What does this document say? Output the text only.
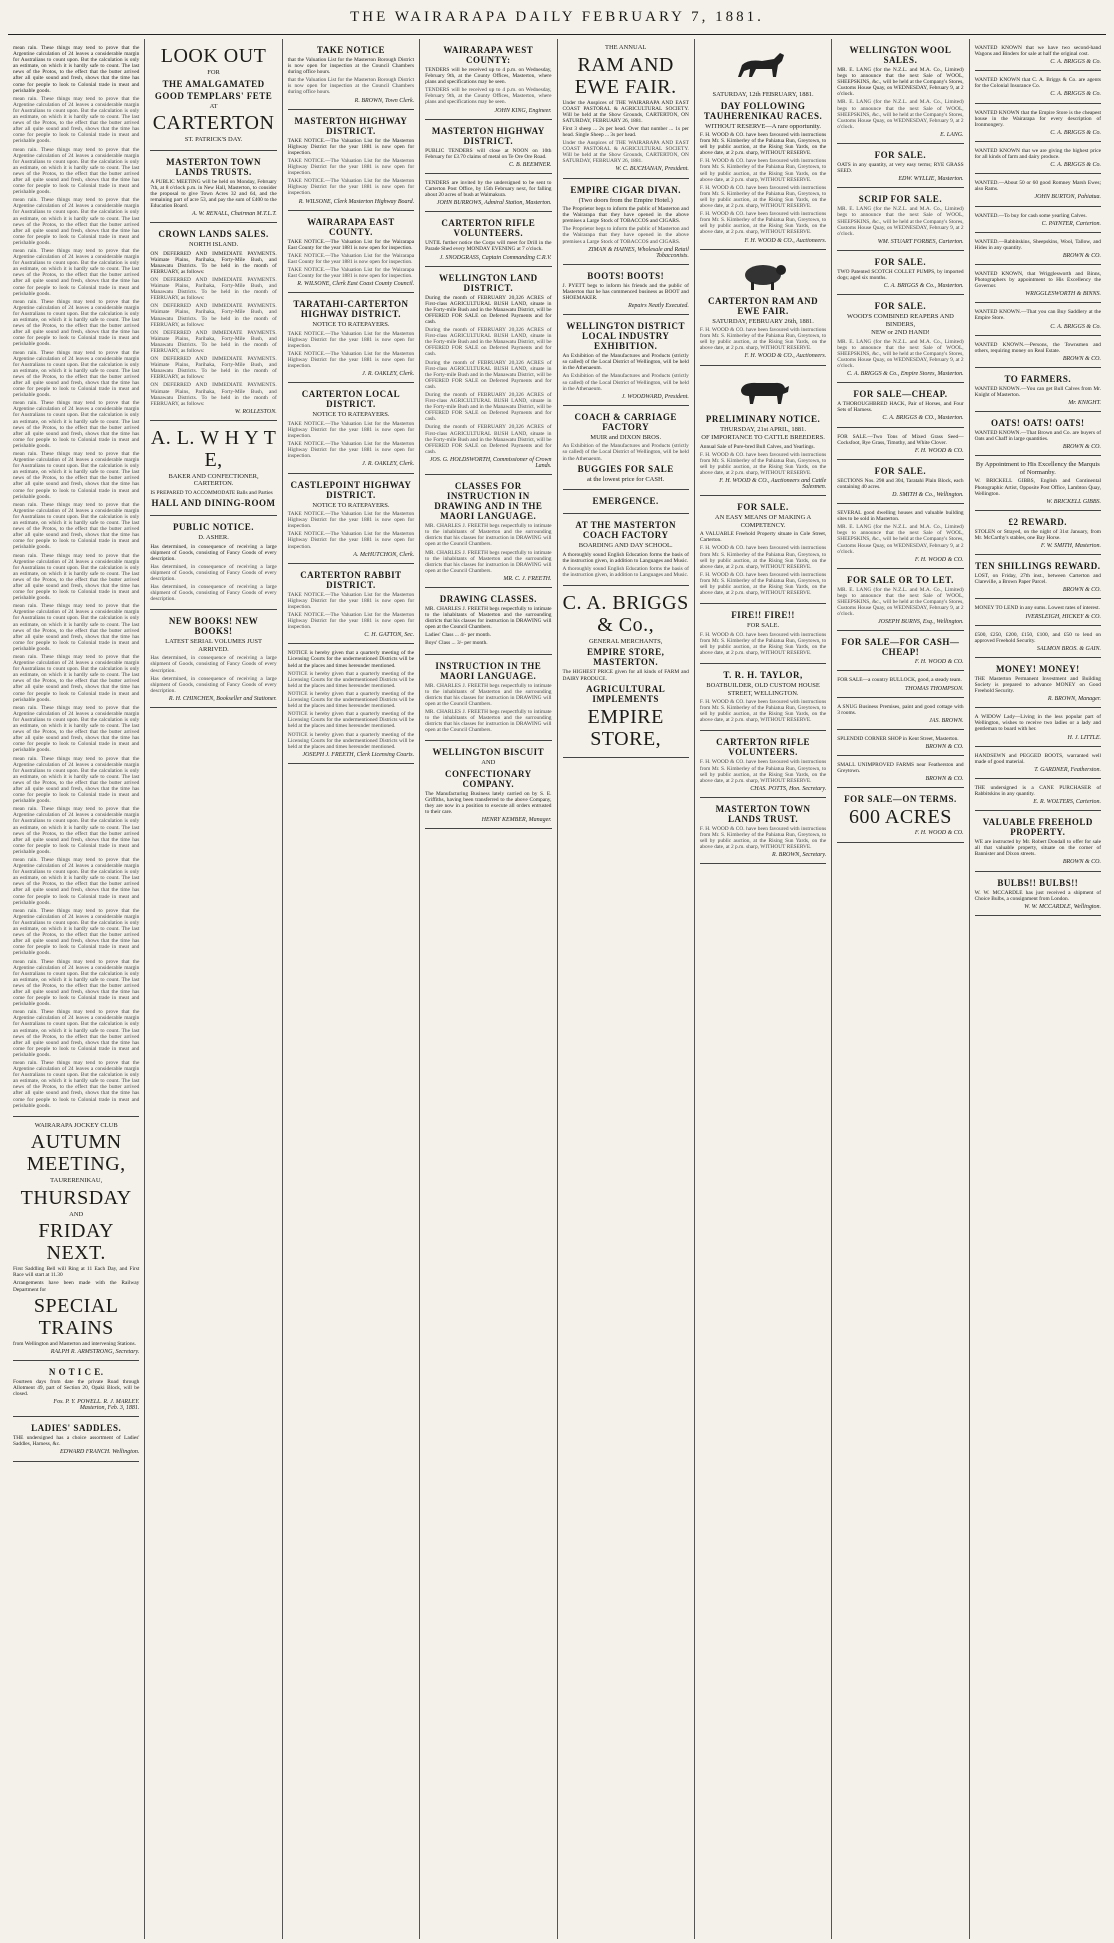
THE WAIRARAPA DAILY FEBRUARY 7, 1881.

mean rain. These things may tend to prove that the Argentine calculation of 24 leaves a considerable margin for Australians to count upon. But the calculation is only an estimate, on which it is hardly safe to count. The last news of the Protos, to the effect that the butter arrived after all quite sound and fresh, shows that the time has come for people to look to Colonial trade in meat and perishable goods.

mean rain. These things may tend to prove that the Argentine calculation of 24 leaves a considerable margin for Australians to count upon. But the calculation is only an estimate, on which it is hardly safe to count. The last news of the Protos, to the effect that the butter arrived after all quite sound and fresh, shows that the time has come for people to look to Colonial trade in meat and perishable goods.

mean rain. These things may tend to prove that the Argentine calculation of 24 leaves a considerable margin for Australians to count upon. But the calculation is only an estimate, on which it is hardly safe to count. The last news of the Protos, to the effect that the butter arrived after all quite sound and fresh, shows that the time has come for people to look to Colonial trade in meat and perishable goods.

mean rain. These things may tend to prove that the Argentine calculation of 24 leaves a considerable margin for Australians to count upon. But the calculation is only an estimate, on which it is hardly safe to count. The last news of the Protos, to the effect that the butter arrived after all quite sound and fresh, shows that the time has come for people to look to Colonial trade in meat and perishable goods.

mean rain. These things may tend to prove that the Argentine calculation of 24 leaves a considerable margin for Australians to count upon. But the calculation is only an estimate, on which it is hardly safe to count. The last news of the Protos, to the effect that the butter arrived after all quite sound and fresh, shows that the time has come for people to look to Colonial trade in meat and perishable goods.

mean rain. These things may tend to prove that the Argentine calculation of 24 leaves a considerable margin for Australians to count upon. But the calculation is only an estimate, on which it is hardly safe to count. The last news of the Protos, to the effect that the butter arrived after all quite sound and fresh, shows that the time has come for people to look to Colonial trade in meat and perishable goods.

mean rain. These things may tend to prove that the Argentine calculation of 24 leaves a considerable margin for Australians to count upon. But the calculation is only an estimate, on which it is hardly safe to count. The last news of the Protos, to the effect that the butter arrived after all quite sound and fresh, shows that the time has come for people to look to Colonial trade in meat and perishable goods.

mean rain. These things may tend to prove that the Argentine calculation of 24 leaves a considerable margin for Australians to count upon. But the calculation is only an estimate, on which it is hardly safe to count. The last news of the Protos, to the effect that the butter arrived after all quite sound and fresh, shows that the time has come for people to look to Colonial trade in meat and perishable goods.

mean rain. These things may tend to prove that the Argentine calculation of 24 leaves a considerable margin for Australians to count upon. But the calculation is only an estimate, on which it is hardly safe to count. The last news of the Protos, to the effect that the butter arrived after all quite sound and fresh, shows that the time has come for people to look to Colonial trade in meat and perishable goods.

mean rain. These things may tend to prove that the Argentine calculation of 24 leaves a considerable margin for Australians to count upon. But the calculation is only an estimate, on which it is hardly safe to count. The last news of the Protos, to the effect that the butter arrived after all quite sound and fresh, shows that the time has come for people to look to Colonial trade in meat and perishable goods.

mean rain. These things may tend to prove that the Argentine calculation of 24 leaves a considerable margin for Australians to count upon. But the calculation is only an estimate, on which it is hardly safe to count. The last news of the Protos, to the effect that the butter arrived after all quite sound and fresh, shows that the time has come for people to look to Colonial trade in meat and perishable goods.

mean rain. These things may tend to prove that the Argentine calculation of 24 leaves a considerable margin for Australians to count upon. But the calculation is only an estimate, on which it is hardly safe to count. The last news of the Protos, to the effect that the butter arrived after all quite sound and fresh, shows that the time has come for people to look to Colonial trade in meat and perishable goods.

mean rain. These things may tend to prove that the Argentine calculation of 24 leaves a considerable margin for Australians to count upon. But the calculation is only an estimate, on which it is hardly safe to count. The last news of the Protos, to the effect that the butter arrived after all quite sound and fresh, shows that the time has come for people to look to Colonial trade in meat and perishable goods.

mean rain. These things may tend to prove that the Argentine calculation of 24 leaves a considerable margin for Australians to count upon. But the calculation is only an estimate, on which it is hardly safe to count. The last news of the Protos, to the effect that the butter arrived after all quite sound and fresh, shows that the time has come for people to look to Colonial trade in meat and perishable goods.

mean rain. These things may tend to prove that the Argentine calculation of 24 leaves a considerable margin for Australians to count upon. But the calculation is only an estimate, on which it is hardly safe to count. The last news of the Protos, to the effect that the butter arrived after all quite sound and fresh, shows that the time has come for people to look to Colonial trade in meat and perishable goods.

mean rain. These things may tend to prove that the Argentine calculation of 24 leaves a considerable margin for Australians to count upon. But the calculation is only an estimate, on which it is hardly safe to count. The last news of the Protos, to the effect that the butter arrived after all quite sound and fresh, shows that the time has come for people to look to Colonial trade in meat and perishable goods.

mean rain. These things may tend to prove that the Argentine calculation of 24 leaves a considerable margin for Australians to count upon. But the calculation is only an estimate, on which it is hardly safe to count. The last news of the Protos, to the effect that the butter arrived after all quite sound and fresh, shows that the time has come for people to look to Colonial trade in meat and perishable goods.

mean rain. These things may tend to prove that the Argentine calculation of 24 leaves a considerable margin for Australians to count upon. But the calculation is only an estimate, on which it is hardly safe to count. The last news of the Protos, to the effect that the butter arrived after all quite sound and fresh, shows that the time has come for people to look to Colonial trade in meat and perishable goods.

mean rain. These things may tend to prove that the Argentine calculation of 24 leaves a considerable margin for Australians to count upon. But the calculation is only an estimate, on which it is hardly safe to count. The last news of the Protos, to the effect that the butter arrived after all quite sound and fresh, shows that the time has come for people to look to Colonial trade in meat and perishable goods.

mean rain. These things may tend to prove that the Argentine calculation of 24 leaves a considerable margin for Australians to count upon. But the calculation is only an estimate, on which it is hardly safe to count. The last news of the Protos, to the effect that the butter arrived after all quite sound and fresh, shows that the time has come for people to look to Colonial trade in meat and perishable goods.

mean rain. These things may tend to prove that the Argentine calculation of 24 leaves a considerable margin for Australians to count upon. But the calculation is only an estimate, on which it is hardly safe to count. The last news of the Protos, to the effect that the butter arrived after all quite sound and fresh, shows that the time has come for people to look to Colonial trade in meat and perishable goods.

WAIRARAPA JOCKEY CLUB
AUTUMN MEETING,
TAURERENIKAU,
THURSDAY
AND
FRIDAY NEXT.

First Saddling Bell will Ring at 11 Each Day, and First Race will start at 11.30

Arrangements have been made with the Railway Department for

SPECIAL TRAINS

from Wellington and Masterton and intervening Stations.

RALPH R. ARMSTRONG, Secretary.
N O T I C E.

Fourteen days from date the private Road through Allotment 49, part of Section 20, Opaki Block, will be closed.

Fos. P. Y. POWELL. R. J. MARLEY.
Masterton, Feb. 3, 1881.
LADIES' SADDLES.

THE undersigned has a choice assortment of Ladies' Saddles, Harness, &c.

EDWARD FRANCH. Wellington.
LOOK OUT
FOR
THE AMALGAMATED
GOOD TEMPLARS' FETE
AT
CARTERTON
ST. PATRICK'S DAY.
MASTERTON TOWN LANDS TRUSTS.

A PUBLIC MEETING will be held on Monday, February 7th, at 8 o'clock p.m. in New Hall, Masterton, to consider the proposal to give Town Acres 32 and 64, and the remaining part of acre 53, and pay the sum of £400 to the Education Board.

A. W. RENALL, Chairman M.T.L.T.
CROWN LANDS SALES.
NORTH ISLAND.

ON DEFERRED AND IMMEDIATE PAYMENTS. Waimate Plains, Parihaka, Forty-Mile Bush, and Manawatu Districts. To be held in the month of FEBRUARY, as follows:

ON DEFERRED AND IMMEDIATE PAYMENTS. Waimate Plains, Parihaka, Forty-Mile Bush, and Manawatu Districts. To be held in the month of FEBRUARY, as follows:

ON DEFERRED AND IMMEDIATE PAYMENTS. Waimate Plains, Parihaka, Forty-Mile Bush, and Manawatu Districts. To be held in the month of FEBRUARY, as follows:

ON DEFERRED AND IMMEDIATE PAYMENTS. Waimate Plains, Parihaka, Forty-Mile Bush, and Manawatu Districts. To be held in the month of FEBRUARY, as follows:

ON DEFERRED AND IMMEDIATE PAYMENTS. Waimate Plains, Parihaka, Forty-Mile Bush, and Manawatu Districts. To be held in the month of FEBRUARY, as follows:

ON DEFERRED AND IMMEDIATE PAYMENTS. Waimate Plains, Parihaka, Forty-Mile Bush, and Manawatu Districts. To be held in the month of FEBRUARY, as follows:

W. ROLLESTON.
A. L. W H Y T E,
BAKER AND CONFECTIONER, CARTERTON.

IS PREPARED TO ACCOMMODATE Balls and Parties

HALL AND DINING-ROOM
PUBLIC NOTICE.
D. ASHER.

Has determined, in consequence of receiving a large shipment of Goods, consisting of Fancy Goods of every description.

Has determined, in consequence of receiving a large shipment of Goods, consisting of Fancy Goods of every description.

Has determined, in consequence of receiving a large shipment of Goods, consisting of Fancy Goods of every description.

NEW BOOKS! NEW BOOKS!
LATEST SERIAL VOLUMES JUST ARRIVED.

Has determined, in consequence of receiving a large shipment of Goods, consisting of Fancy Goods of every description.

Has determined, in consequence of receiving a large shipment of Goods, consisting of Fancy Goods of every description.

R. H. CHINCHEN, Bookseller and Stationer.
TAKE NOTICE

that the Valuation List for the Masterton Borough District is now open for inspection at the Council Chambers during office hours.

that the Valuation List for the Masterton Borough District is now open for inspection at the Council Chambers during office hours.

R. BROWN, Town Clerk.
MASTERTON HIGHWAY DISTRICT.

TAKE NOTICE.—The Valuation List for the Masterton Highway District for the year 1881 is now open for inspection.

TAKE NOTICE.—The Valuation List for the Masterton Highway District for the year 1881 is now open for inspection.

TAKE NOTICE.—The Valuation List for the Masterton Highway District for the year 1881 is now open for inspection.

R. WILSONE, Clerk Masterton Highway Board.
WAIRARAPA EAST COUNTY.

TAKE NOTICE.—The Valuation List for the Wairarapa East County for the year 1881 is now open for inspection.

TAKE NOTICE.—The Valuation List for the Wairarapa East County for the year 1881 is now open for inspection.

TAKE NOTICE.—The Valuation List for the Wairarapa East County for the year 1881 is now open for inspection.

R. WILSONE, Clerk East Coast County Council.
TARATAHI-CARTERTON HIGHWAY DISTRICT.
NOTICE TO RATEPAYERS.

TAKE NOTICE.—The Valuation List for the Masterton Highway District for the year 1881 is now open for inspection.

TAKE NOTICE.—The Valuation List for the Masterton Highway District for the year 1881 is now open for inspection.

J. R. OAKLEY, Clerk.
CARTERTON LOCAL DISTRICT.
NOTICE TO RATEPAYERS.

TAKE NOTICE.—The Valuation List for the Masterton Highway District for the year 1881 is now open for inspection.

TAKE NOTICE.—The Valuation List for the Masterton Highway District for the year 1881 is now open for inspection.

J. R. OAKLEY, Clerk.
CASTLEPOINT HIGHWAY DISTRICT.
NOTICE TO RATEPAYERS.

TAKE NOTICE.—The Valuation List for the Masterton Highway District for the year 1881 is now open for inspection.

TAKE NOTICE.—The Valuation List for the Masterton Highway District for the year 1881 is now open for inspection.

A. McHUTCHON, Clerk.
CARTERTON RABBIT DISTRICT.

TAKE NOTICE.—The Valuation List for the Masterton Highway District for the year 1881 is now open for inspection.

TAKE NOTICE.—The Valuation List for the Masterton Highway District for the year 1881 is now open for inspection.

C. H. GATTON, Sec.

NOTICE is hereby given that a quarterly meeting of the Licensing Courts for the undermentioned Districts will be held at the places and times hereunder mentioned.

NOTICE is hereby given that a quarterly meeting of the Licensing Courts for the undermentioned Districts will be held at the places and times hereunder mentioned.

NOTICE is hereby given that a quarterly meeting of the Licensing Courts for the undermentioned Districts will be held at the places and times hereunder mentioned.

NOTICE is hereby given that a quarterly meeting of the Licensing Courts for the undermentioned Districts will be held at the places and times hereunder mentioned.

NOTICE is hereby given that a quarterly meeting of the Licensing Courts for the undermentioned Districts will be held at the places and times hereunder mentioned.

JOSEPH J. FREETH, Clerk Licensing Courts.
WAIRARAPA WEST COUNTY:

TENDERS will be received up to 4 p.m. on Wednesday, February 9th, at the County Offices, Masterton, where plans and specifications may be seen.

TENDERS will be received up to 4 p.m. on Wednesday, February 9th, at the County Offices, Masterton, where plans and specifications may be seen.

JOHN KING, Engineer.
MASTERTON HIGHWAY DISTRICT.

PUBLIC TENDERS will close at NOON on 10th February for £3.70 claims of metal on Te Ore Ore Road.

C. B. BEEMNER.

TENDERS are invited by the undersigned to be sent to Carterton Post Office, by 15th February next, for falling about 20 acres of bush at Waimakura.

JOHN BURROWS, Admiral Station, Masterton.
CARTERTON RIFLE VOLUNTEERS.

UNTIL further notice the Corps will meet for Drill in the Parade Shed every MONDAY EVENING at 7 o'clock.

J. SNODGRASS, Captain Commanding C.R.V.
WELLINGTON LAND DISTRICT.

During the month of FEBRUARY 20,326 ACRES of First-class AGRICULTURAL BUSH LAND, situate in the Forty-mile Bush and in the Manawatu District, will be OFFERED FOR SALE on Deferred Payments and for cash.

During the month of FEBRUARY 20,326 ACRES of First-class AGRICULTURAL BUSH LAND, situate in the Forty-mile Bush and in the Manawatu District, will be OFFERED FOR SALE on Deferred Payments and for cash.

During the month of FEBRUARY 20,326 ACRES of First-class AGRICULTURAL BUSH LAND, situate in the Forty-mile Bush and in the Manawatu District, will be OFFERED FOR SALE on Deferred Payments and for cash.

During the month of FEBRUARY 20,326 ACRES of First-class AGRICULTURAL BUSH LAND, situate in the Forty-mile Bush and in the Manawatu District, will be OFFERED FOR SALE on Deferred Payments and for cash.

During the month of FEBRUARY 20,326 ACRES of First-class AGRICULTURAL BUSH LAND, situate in the Forty-mile Bush and in the Manawatu District, will be OFFERED FOR SALE on Deferred Payments and for cash.

JOS. G. HOLDSWORTH, Commissioner of Crown Lands.
CLASSES FOR INSTRUCTION IN DRAWING AND IN THE MAORI LANGUAGE.

MR. CHARLES J. FREETH begs respectfully to intimate to the inhabitants of Masterton and the surrounding districts that his classes for instruction in DRAWING will open at the Council Chambers.

MR. CHARLES J. FREETH begs respectfully to intimate to the inhabitants of Masterton and the surrounding districts that his classes for instruction in DRAWING will open at the Council Chambers.

MR. C. J. FREETH.
DRAWING CLASSES.

MR. CHARLES J. FREETH begs respectfully to intimate to the inhabitants of Masterton and the surrounding districts that his classes for instruction in DRAWING will open at the Council Chambers.

Ladies' Class ... 4/- per month.

Boys' Class ... 3/- per month.

INSTRUCTION IN THE MAORI LANGUAGE.

MR. CHARLES J. FREETH begs respectfully to intimate to the inhabitants of Masterton and the surrounding districts that his classes for instruction in DRAWING will open at the Council Chambers.

MR. CHARLES J. FREETH begs respectfully to intimate to the inhabitants of Masterton and the surrounding districts that his classes for instruction in DRAWING will open at the Council Chambers.

WELLINGTON BISCUIT
AND
CONFECTIONARY COMPANY.

The Manufacturing Business lately carried on by S. E. Griffiths, having been transferred to the above Company, they are now in a position to execute all orders entrusted to their care.

HENRY KEMBER, Manager.
THE ANNUAL
RAM AND EWE FAIR.

Under the Auspices of THE WAIRARAPA AND EAST COAST PASTORAL & AGRICULTURAL SOCIETY. Will be held at the Show Grounds, CARTERTON, ON SATURDAY, FEBRUARY 26, 1881.

First 3 sheep ... 2s per head. Over that number ... 1s per head. Single Sheep ... 3s per head.

Under the Auspices of THE WAIRARAPA AND EAST COAST PASTORAL & AGRICULTURAL SOCIETY. Will be held at the Show Grounds, CARTERTON, ON SATURDAY, FEBRUARY 26, 1881.

W. C. BUCHANAN, President.
EMPIRE CIGAR DIVAN.
(Two doors from the Empire Hotel.)

The Proprietor begs to inform the public of Masterton and the Wairarapa that they have opened in the above premises a Large Stock of TOBACCOS and CIGARS.

The Proprietor begs to inform the public of Masterton and the Wairarapa that they have opened in the above premises a Large Stock of TOBACCOS and CIGARS.

ZIMAN & HAINES, Wholesale and Retail Tobacconists.
BOOTS! BOOTS!

J. PYETT begs to inform his friends and the public of Masterton that he has commenced business as BOOT and SHOEMAKER.

Repairs Neatly Executed.
WELLINGTON DISTRICT LOCAL INDUSTRY EXHIBITION.

An Exhibition of the Manufactures and Products (strictly so called) of the Local District of Wellington, will be held in the Athenaeum.

An Exhibition of the Manufactures and Products (strictly so called) of the Local District of Wellington, will be held in the Athenaeum.

J. WOODWARD, President.
COACH & CARRIAGE FACTORY
MUIR and DIXON BROS.

An Exhibition of the Manufactures and Products (strictly so called) of the Local District of Wellington, will be held in the Athenaeum.

BUGGIES FOR SALE
at the lowest price for CASH.
EMERGENCE.
AT THE MASTERTON COACH FACTORY
BOARDING AND DAY SCHOOL.

A thoroughly sound English Education forms the basis of the instruction given, in addition to Languages and Music.

A thoroughly sound English Education forms the basis of the instruction given, in addition to Languages and Music.

C. A. BRIGGS & Co.,
GENERAL MERCHANTS,
EMPIRE STORE, MASTERTON.

The HIGHEST PRICE given for all kinds of FARM and DAIRY PRODUCE.

AGRICULTURAL IMPLEMENTS
EMPIRE STORE,
SATURDAY, 12th FEBRUARY, 1881.
DAY FOLLOWING TAUHERENIKAU RACES.
WITHOUT RESERVE—A rare opportunity.

F. H. WOOD & CO. have been favoured with instructions from Mr. S. Kimberley of the Pahiatua Run, Greytown, to sell by public auction, at the Rising Sun Yards, on the above date, at 2 p.m. sharp, WITHOUT RESERVE.

F. H. WOOD & CO. have been favoured with instructions from Mr. S. Kimberley of the Pahiatua Run, Greytown, to sell by public auction, at the Rising Sun Yards, on the above date, at 2 p.m. sharp, WITHOUT RESERVE.

F. H. WOOD & CO. have been favoured with instructions from Mr. S. Kimberley of the Pahiatua Run, Greytown, to sell by public auction, at the Rising Sun Yards, on the above date, at 2 p.m. sharp, WITHOUT RESERVE.

F. H. WOOD & CO. have been favoured with instructions from Mr. S. Kimberley of the Pahiatua Run, Greytown, to sell by public auction, at the Rising Sun Yards, on the above date, at 2 p.m. sharp, WITHOUT RESERVE.

F. H. WOOD & CO., Auctioneers.
CARTERTON RAM AND EWE FAIR.
SATURDAY, FEBRUARY 26th, 1881.

F. H. WOOD & CO. have been favoured with instructions from Mr. S. Kimberley of the Pahiatua Run, Greytown, to sell by public auction, at the Rising Sun Yards, on the above date, at 2 p.m. sharp, WITHOUT RESERVE.

F. H. WOOD & CO., Auctioneers.
PRELIMINARY NOTICE.
THURSDAY, 21st APRIL, 1881.
OF IMPORTANCE TO CATTLE BREEDERS.

Annual Sale of Pure-bred Bull Calves, and Yearlings.

F. H. WOOD & CO. have been favoured with instructions from Mr. S. Kimberley of the Pahiatua Run, Greytown, to sell by public auction, at the Rising Sun Yards, on the above date, at 2 p.m. sharp, WITHOUT RESERVE.

F. H. WOOD & CO., Auctioneers and Cattle Salesmen.
FOR SALE.
AN EASY MEANS OF MAKING A COMPETENCY.

A VALUABLE Freehold Property situate in Cole Street, Carterton.

F. H. WOOD & CO. have been favoured with instructions from Mr. S. Kimberley of the Pahiatua Run, Greytown, to sell by public auction, at the Rising Sun Yards, on the above date, at 2 p.m. sharp, WITHOUT RESERVE.

F. H. WOOD & CO. have been favoured with instructions from Mr. S. Kimberley of the Pahiatua Run, Greytown, to sell by public auction, at the Rising Sun Yards, on the above date, at 2 p.m. sharp, WITHOUT RESERVE.

FIRE!! FIRE!!
FOR SALE.

F. H. WOOD & CO. have been favoured with instructions from Mr. S. Kimberley of the Pahiatua Run, Greytown, to sell by public auction, at the Rising Sun Yards, on the above date, at 2 p.m. sharp, WITHOUT RESERVE.

T. R. H. TAYLOR,
BOATBUILDER, OLD CUSTOM HOUSE STREET, WELLINGTON.

F. H. WOOD & CO. have been favoured with instructions from Mr. S. Kimberley of the Pahiatua Run, Greytown, to sell by public auction, at the Rising Sun Yards, on the above date, at 2 p.m. sharp, WITHOUT RESERVE.

CARTERTON RIFLE VOLUNTEERS.

F. H. WOOD & CO. have been favoured with instructions from Mr. S. Kimberley of the Pahiatua Run, Greytown, to sell by public auction, at the Rising Sun Yards, on the above date, at 2 p.m. sharp, WITHOUT RESERVE.

CHAS. POTTS, Hon. Secretary.
MASTERTON TOWN LANDS TRUST.

F. H. WOOD & CO. have been favoured with instructions from Mr. S. Kimberley of the Pahiatua Run, Greytown, to sell by public auction, at the Rising Sun Yards, on the above date, at 2 p.m. sharp, WITHOUT RESERVE.

R. BROWN, Secretary.
WELLINGTON WOOL SALES.

MR. E. LANG (for the N.Z.L. and M.A. Co., Limited) begs to announce that the next Sale of WOOL, SHEEPSKINS, &c., will be held at the Company's Stores, Customs House Quay, on WEDNESDAY, February 9, at 2 o'clock.

MR. E. LANG (for the N.Z.L. and M.A. Co., Limited) begs to announce that the next Sale of WOOL, SHEEPSKINS, &c., will be held at the Company's Stores, Customs House Quay, on WEDNESDAY, February 9, at 2 o'clock.

E. LANG.
FOR SALE.

OATS in any quantity, at very easy terms; RYE GRASS SEED.

EDW. WYLLIE, Masterton.
SCRIP FOR SALE.

MR. E. LANG (for the N.Z.L. and M.A. Co., Limited) begs to announce that the next Sale of WOOL, SHEEPSKINS, &c., will be held at the Company's Stores, Customs House Quay, on WEDNESDAY, February 9, at 2 o'clock.

WM. STUART FORBES, Carterton.
FOR SALE.

TWO Patented SCOTCH COLLET PUMPS, by imported dogs; aged six months.

C. A. BRIGGS & Co., Masterton.
FOR SALE.
WOOD'S COMBINED REAPERS AND BINDERS,
NEW or 2ND HAND!

MR. E. LANG (for the N.Z.L. and M.A. Co., Limited) begs to announce that the next Sale of WOOL, SHEEPSKINS, &c., will be held at the Company's Stores, Customs House Quay, on WEDNESDAY, February 9, at 2 o'clock.

C. A. BRIGGS & Co., Empire Stores, Masterton.
FOR SALE—CHEAP.

A THOROUGHBRED HACK, Pair of Horses, and Four Sets of Harness.

C. A. BRIGGS & CO., Masterton.

FOR SALE.—Two Tons of Mixed Grass Seed—Cocksfoot, Rye Grass, Timothy, and White Clover.

F. H. WOOD & CO.
FOR SALE.

SECTIONS Nos. 298 and 304, Taratahi Plain Block, each containing 40 acres.

D. SMITH & Co., Wellington.

SEVERAL good dwelling houses and valuable building sites to be sold in Masterton.

MR. E. LANG (for the N.Z.L. and M.A. Co., Limited) begs to announce that the next Sale of WOOL, SHEEPSKINS, &c., will be held at the Company's Stores, Customs House Quay, on WEDNESDAY, February 9, at 2 o'clock.

F. H. WOOD & CO.
FOR SALE OR TO LET.

MR. E. LANG (for the N.Z.L. and M.A. Co., Limited) begs to announce that the next Sale of WOOL, SHEEPSKINS, &c., will be held at the Company's Stores, Customs House Quay, on WEDNESDAY, February 9, at 2 o'clock.

JOSEPH BURNS, Esq., Wellington.
FOR SALE—FOR CASH—CHEAP!
F. H. WOOD & CO.

FOR SALE—a country BULLOCK, good, a steady team.

THOMAS THOMPSON.

A SNUG Business Premises, paint and good cottage with 3 rooms.

JAS. BROWN.

SPLENDID CORNER SHOP in Kent Street, Masterton.

BROWN & CO.

SMALL UNIMPROVED FARMS near Featherston and Greytown.

BROWN & CO.
FOR SALE—ON TERMS.
600 ACRES
F. H. WOOD & CO.

WANTED KNOWN that we have two second-hand Wagons and Binders for sale at half the original cost.

C. A. BRIGGS & Co.

WANTED KNOWN that C. A. Briggs & Co. are agents for the Colonial Insurance Co.

C. A. BRIGGS & Co.

WANTED KNOWN that the Empire Store is the cheapest house in the Wairarapa for every description of Ironmongery.

C. A. BRIGGS & Co.

WANTED KNOWN that we are giving the highest price for all kinds of farm and dairy produce.

C. A. BRIGGS & Co.

WANTED.—About 50 or 60 good Romney Marsh Ewes; also Rams.

JOHN BURTON, Pahiatua.

WANTED.—To buy for cash some yearling Calves.

C. PAYNTER, Carterton.

WANTED.—Rabbitskins, Sheepskins, Wool, Tallow, and Hides in any quantity.

BROWN & CO.

WANTED KNOWN, that Wrigglesworth and Binns, Photographers by appointment to His Excellency the Governor.

WRIGGLESWORTH & BINNS.

WANTED KNOWN.—That you can Buy Saddlery at the Empire Store.

C. A. BRIGGS & Co.

WANTED KNOWN.—Persons, the Townsmen and others, requiring money on Real Estate.

BROWN & CO.
TO FARMERS.

WANTED KNOWN.—You can get Bull Calves from Mr. Knight of Masterton.

Mr. KNIGHT.
OATS! OATS! OATS!

WANTED KNOWN.—That Brown and Co. are buyers of Oats and Chaff in large quantities.

BROWN & CO.
By Appointment to His Excellency the Marquis of Normanby.

W. BRICKELL GIBBS, English and Continental Photographic Artist, Opposite Post Office, Lambton Quay, Wellington.

W. BRICKELL GIBBS.
£2 REWARD.

STOLEN or Strayed, on the night of 31st January, from Mr. McCarthy's stables, one Bay Horse.

F. W. SMITH, Masterton.
TEN SHILLINGS REWARD.

LOST, on Friday, 27th inst., between Carterton and Clareville, a Brown Paper Parcel.

BROWN & CO.

MONEY TO LEND in any sums. Lowest rates of interest.

IVERSLEIGH, HICKEY & CO.

£500, £250, £200, £150, £100, and £50 to lend on approved Freehold Security.

SALMON BROS. & GAIN.
MONEY! MONEY!

THE Masterton Permanent Investment and Building Society is prepared to advance MONEY on Good Freehold Security.

R. BROWN, Manager.

A WIDOW Lady—Living in the less popular part of Wellington, wishes to receive two ladies or a lady and gentleman to board with her.

H. J. LITTLE.

HANDSEWN and PEGGED BOOTS, warranted well made of good material.

T. GARDNER, Featherston.

THE undersigned is a CANE PURCHASER of Rabbitskins in any quantity.

E. R. WOLTERS, Carterton.
VALUABLE FREEHOLD PROPERTY.

WE are instructed by Mr. Robert Dondall to offer for sale all that valuable property, situate on the corner of Bannister and Dixon streets.

BROWN & CO.
BULBS!! BULBS!!

W. W. MCCARDLE has just received a shipment of Choice Bulbs, a consignment from London.

W. W. MCCARDLE, Wellington.
